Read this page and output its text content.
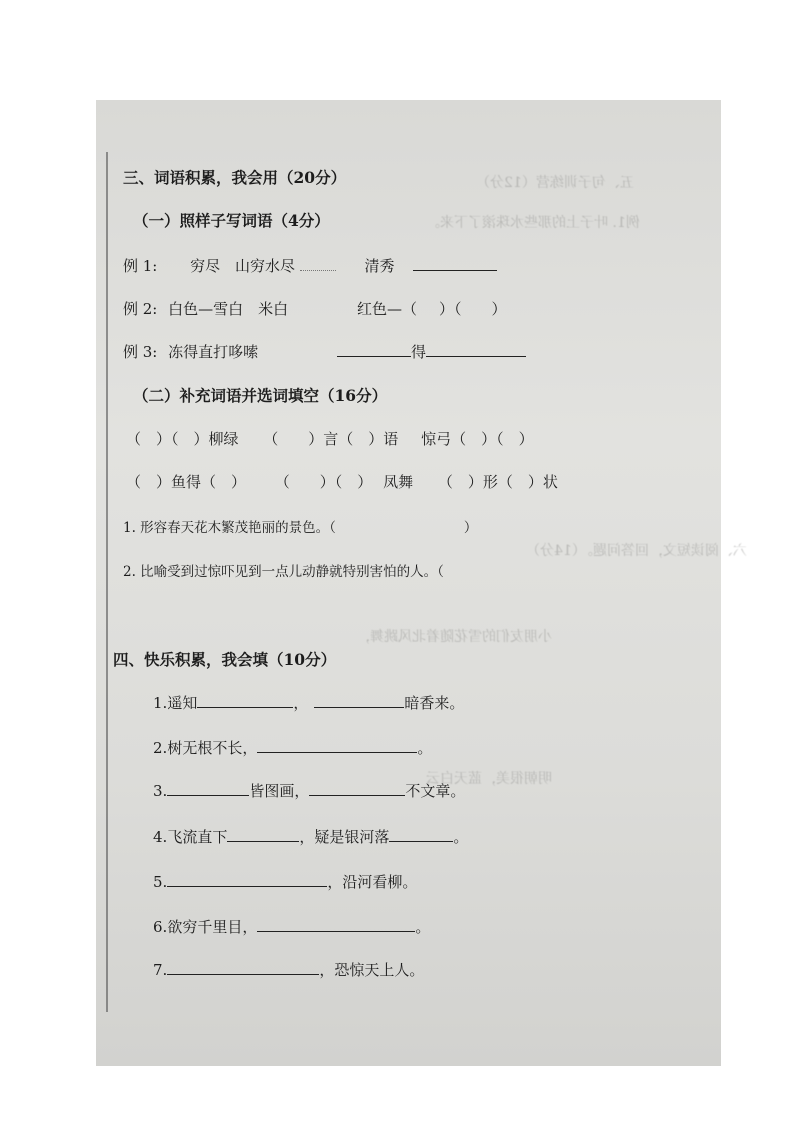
五、句子训练营（12分）
例1. 叶子上的那些水珠滚了下来。
六、阅读短文，回答问题。（14分）
小朋友们的雪花随着北风跳舞，
明朝很美，蓝天白云
三、词语积累，我会用（20分）
（一）照样子写词语（4分）
例 1: 穷尽 山穷水尽	清秀
例 2: 白色—雪白　米白	红色—（ ）（　　）
例 3: 冻得直打哆嗦	得
（二）补充词语并选词填空（16分）
（　）（　）柳绿 （　　）言（　）语 惊弓（　）（　）
（　）鱼得（　） （　　）（　） 凤舞 （　）形（　）状
1. 形容春天花木繁茂艳丽的景色。（	）
2. 比喻受到过惊吓见到一点儿动静就特别害怕的人。（
四、快乐积累，我会填（10分）
1.遥知	，	暗香来。
2.树无根不长，	。
3.	皆图画，	不文章。
4.飞流直下	，疑是银河落	。
5.	，沿河看柳。
6.欲穷千里目，	。
7.	，恐惊天上人。
